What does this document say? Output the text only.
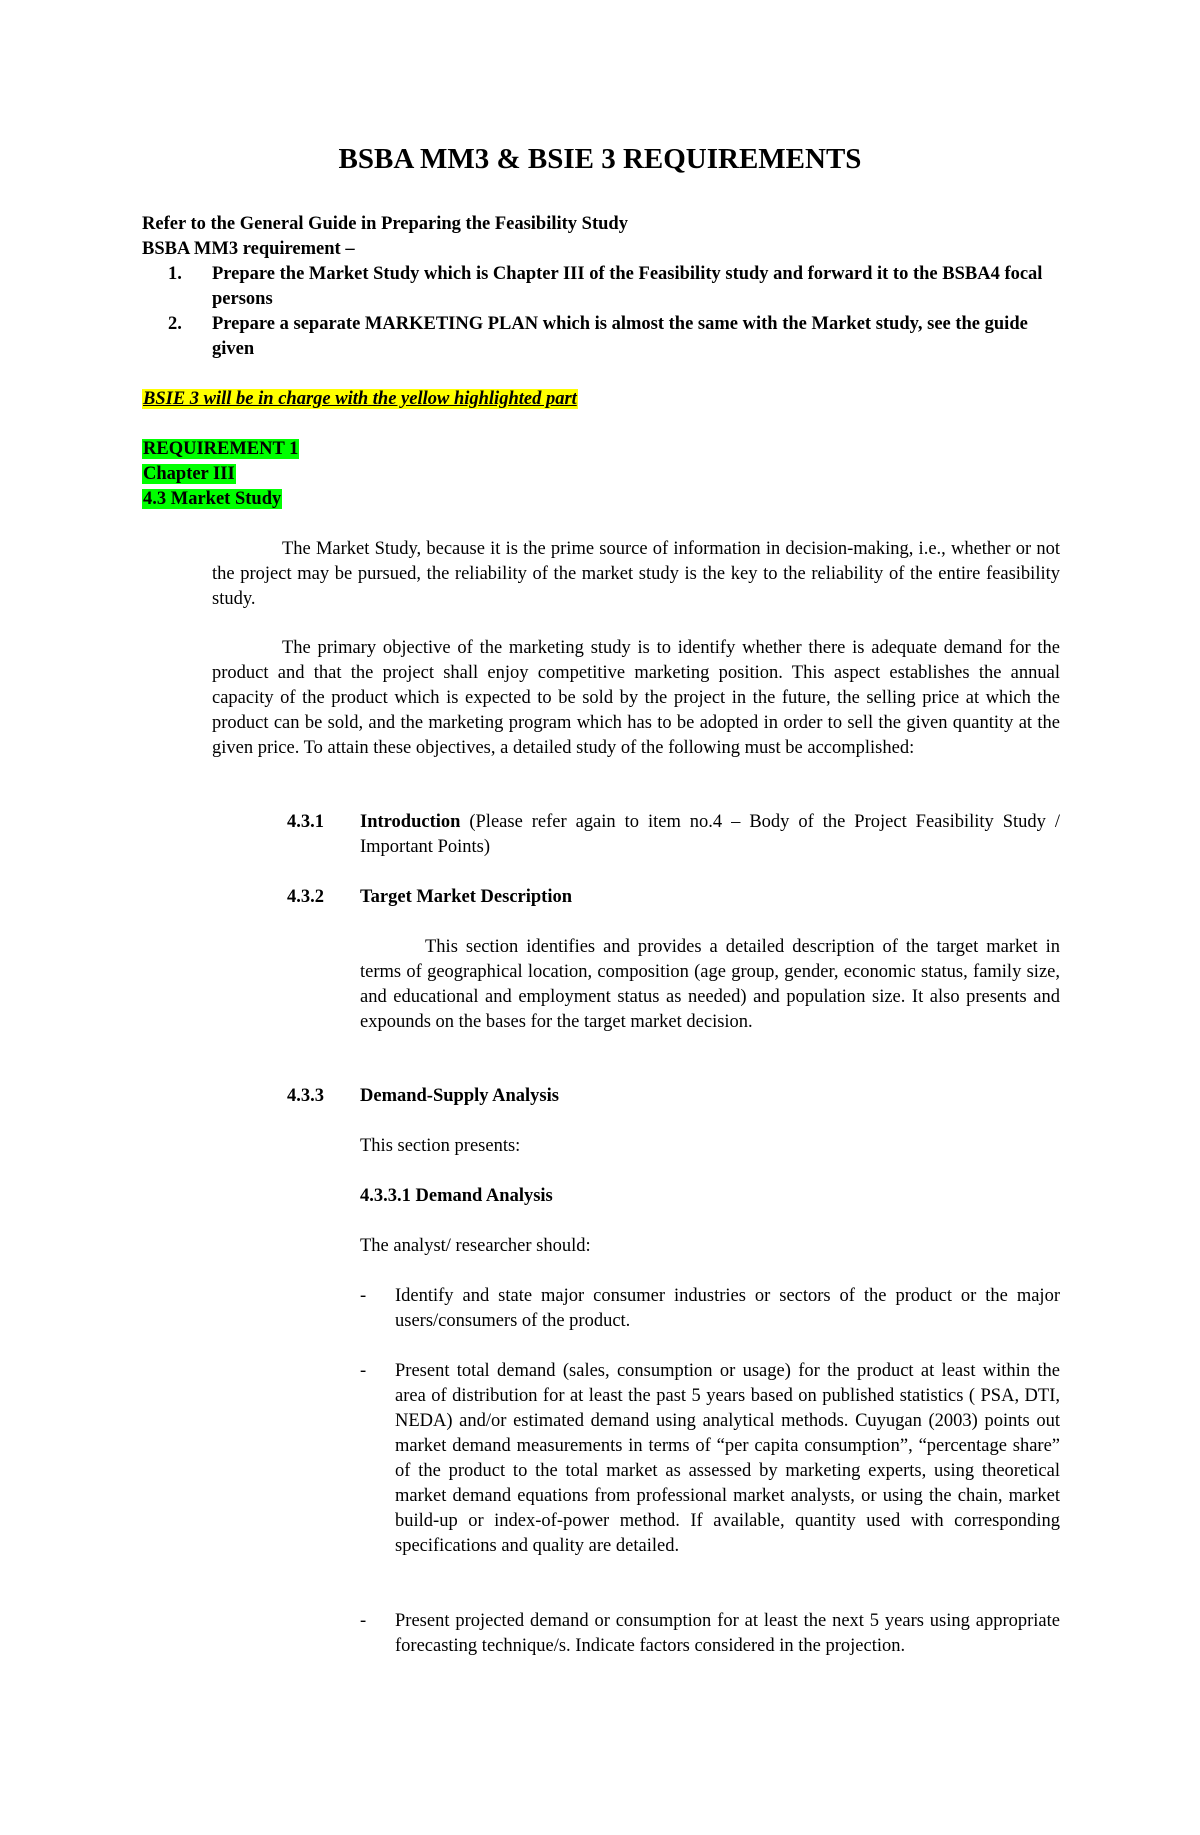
BSBA MM3 & BSIE 3 REQUIREMENTS
Refer to the General Guide in Preparing the Feasibility Study
BSBA MM3 requirement –
1. Prepare the Market Study which is Chapter III of the Feasibility study and forward it to the BSBA4 focal persons
2. Prepare a separate MARKETING PLAN which is almost the same with the Market study, see the guide given
BSIE 3 will be in charge with the yellow highlighted part
REQUIREMENT 1
Chapter III
4.3 Market Study

The Market Study, because it is the prime source of information in decision-making, i.e., whether or not the project may be pursued, the reliability of the market study is the key to the reliability of the entire feasibility study.

The primary objective of the marketing study is to identify whether there is adequate demand for the product and that the project shall enjoy competitive marketing position. This aspect establishes the annual capacity of the product which is expected to be sold by the project in the future, the selling price at which the product can be sold, and the marketing program which has to be adopted in order to sell the given quantity at the given price. To attain these objectives, a detailed study of the following must be accomplished:

4.3.1 Introduction (Please refer again to item no.4 – Body of the Project Feasibility Study / Important Points)
4.3.2 Target Market Description
This section identifies and provides a detailed description of the target market in terms of geographical location, composition (age group, gender, economic status, family size, and educational and employment status as needed) and population size. It also presents and expounds on the bases for the target market decision.
4.3.3 Demand-Supply Analysis
This section presents:
4.3.3.1 Demand Analysis
The analyst/ researcher should:
- Identify and state major consumer industries or sectors of the product or the major users/consumers of the product.
- Present total demand (sales, consumption or usage) for the product at least within the area of distribution for at least the past 5 years based on published statistics ( PSA, DTI, NEDA) and/or estimated demand using analytical methods. Cuyugan (2003) points out market demand measurements in terms of “per capita consumption”, “percentage share” of the product to the total market as assessed by marketing experts, using theoretical market demand equations from professional market analysts, or using the chain, market build-up or index-of-power method. If available, quantity used with corresponding specifications and quality are detailed.
- Present projected demand or consumption for at least the next 5 years using appropriate forecasting technique/s. Indicate factors considered in the projection.
